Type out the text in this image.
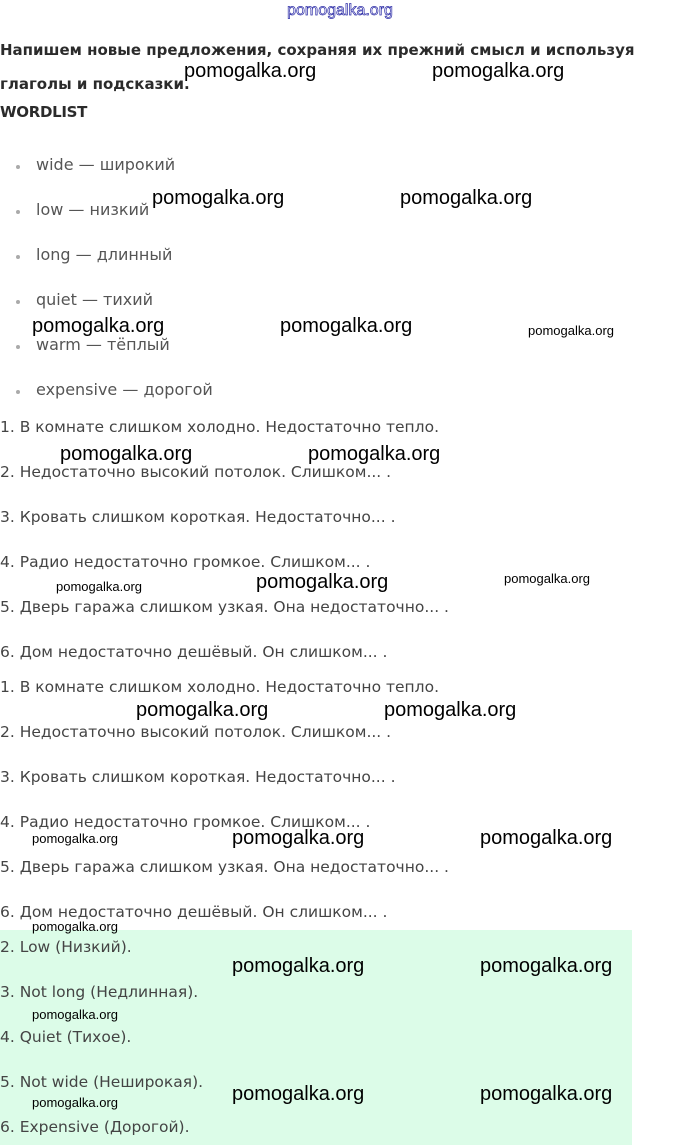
pomogalka.org

Напишем новые предложения, сохраняя их прежний смысл и используя глаголы и подсказки.

WORDLIST
wide — широкий
low — низкий
long — длинный
quiet — тихий
warm — тёплый
expensive — дорогой
1. В комнате слишком холодно. Недостаточно тепло.
2. Недостаточно высокий потолок. Слишком... .
3. Кровать слишком короткая. Недостаточно... .
4. Радио недостаточно громкое. Слишком... .
5. Дверь гаража слишком узкая. Она недостаточно... .
6. Дом недостаточно дешёвый. Он слишком... .
1. В комнате слишком холодно. Недостаточно тепло.
2. Недостаточно высокий потолок. Слишком... .
3. Кровать слишком короткая. Недостаточно... .
4. Радио недостаточно громкое. Слишком... .
5. Дверь гаража слишком узкая. Она недостаточно... .
6. Дом недостаточно дешёвый. Он слишком... .
2. Low (Низкий).
3. Not long (Недлинная).
4. Quiet (Тихое).
5. Not wide (Неширокая).
6. Expensive (Дорогой).
pomogalka.org	pomogalka.org
pomogalka.org	pomogalka.org
pomogalka.org	pomogalka.org	pomogalka.org
pomogalka.org	pomogalka.org
pomogalka.org	pomogalka.org	pomogalka.org
pomogalka.org	pomogalka.org
pomogalka.org	pomogalka.org	pomogalka.org
pomogalka.org
pomogalka.org	pomogalka.org
pomogalka.org
pomogalka.org	pomogalka.org
pomogalka.org
